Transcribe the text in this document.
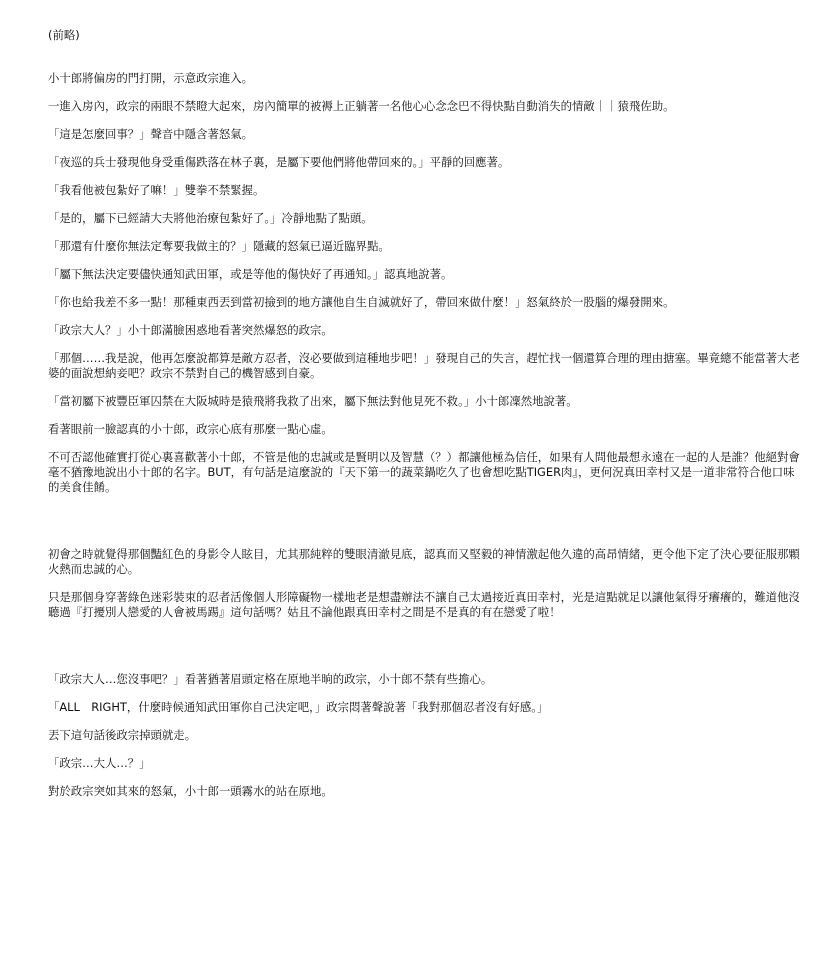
(前略)

小十郎將偏房的門打開，示意政宗進入。

一進入房內，政宗的兩眼不禁瞪大起來，房內簡單的被褥上正躺著一名他心心念念巴不得快點自動消失的情敵｜｜猿飛佐助。

「這是怎麼回事？」聲音中隱含著怒氣。

「夜巡的兵士發現他身受重傷跌落在林子裏，是屬下要他們將他帶回來的。」平靜的回應著。

「我看他被包紮好了嘛！」雙拳不禁緊握。

「是的，屬下已經請大夫將他治療包紮好了。」冷靜地點了點頭。

「那還有什麼你無法定奪要我做主的？」隱藏的怒氣已逼近臨界點。

「屬下無法決定要儘快通知武田軍，或是等他的傷快好了再通知。」認真地說著。

「你也給我差不多一點！那種東西丟到當初撿到的地方讓他自生自滅就好了，帶回來做什麼！」怒氣終於一股腦的爆發開來。

「政宗大人？」小十郎滿臉困惑地看著突然爆怒的政宗。

「那個……我是說，他再怎麼說都算是敵方忍者，沒必要做到這種地步吧！」發現自己的失言，趕忙找一個還算合理的理由搪塞。畢竟總不能當著大老婆的面說想納妾吧？政宗不禁對自己的機智感到自豪。

「當初屬下被豐臣軍囚禁在大阪城時是猿飛將我救了出來，屬下無法對他見死不救。」小十郎凜然地說著。

看著眼前一臉認真的小十郎，政宗心底有那麼一點心虛。

不可否認他確實打從心裏喜歡著小十郎，不管是他的忠誠或是賢明以及智慧（？）都讓他極為信任，如果有人問他最想永遠在一起的人是誰？他絕對會毫不猶豫地說出小十郎的名字。BUT，有句話是這麼說的『天下第一的蔬菜鍋吃久了也會想吃點TIGER肉』，更何況真田幸村又是一道非常符合他口味的美食佳餚。

初會之時就覺得那個豔紅色的身影令人眩目，尤其那純粹的雙眼清澈見底，認真而又堅毅的神情激起他久違的高昂情緒，更令他下定了決心要征服那顆火熱而忠誠的心。

只是那個身穿著綠色迷彩裝束的忍者活像個人形障礙物一樣地老是想盡辦法不讓自己太過接近真田幸村，光是這點就足以讓他氣得牙癢癢的，難道他沒聽過『打擾別人戀愛的人會被馬踢』這句話嗎？姑且不論他跟真田幸村之間是不是真的有在戀愛了啦！

「政宗大人…您沒事吧？」看著猶著眉頭定格在原地半晌的政宗，小十郎不禁有些擔心。

「ALL　RIGHT，什麼時候通知武田軍你自己決定吧，」政宗悶著聲說著「我對那個忍者沒有好感。」

丟下這句話後政宗掉頭就走。

「政宗…大人…？」

對於政宗突如其來的怒氣，小十郎一頭霧水的站在原地。
